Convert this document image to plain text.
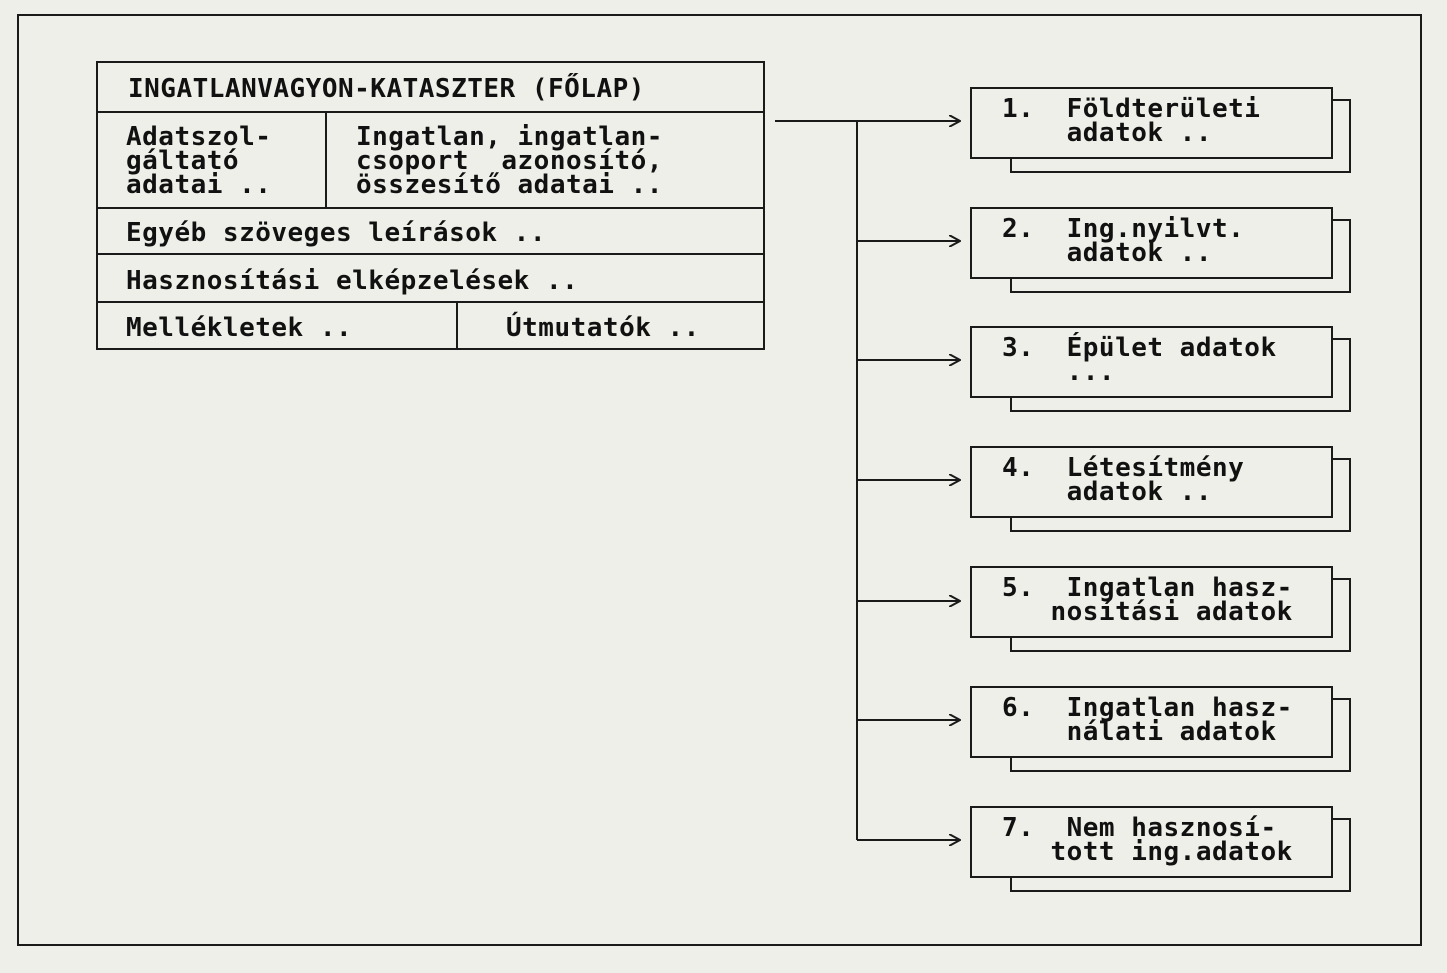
INGATLANVAGYON-KATASZTER (FŐLAP)
Adatszol-
gáltató
adatai ..
Ingatlan, ingatlan-
csoport  azonosító,
összesítő adatai ..
Egyéb szöveges leírások ..
Hasznosítási elképzelések ..
Mellékletek ..	Útmutatók ..
1.  Földterületi
adatok ..
2.  Ing.nyilvt.
adatok ..
3.  Épület adatok
...
4.  Létesítmény
adatok ..
5.  Ingatlan hasz-
nosítási adatok
6.  Ingatlan hasz-
nálati adatok
7.  Nem hasznosí-
tott ing.adatok
